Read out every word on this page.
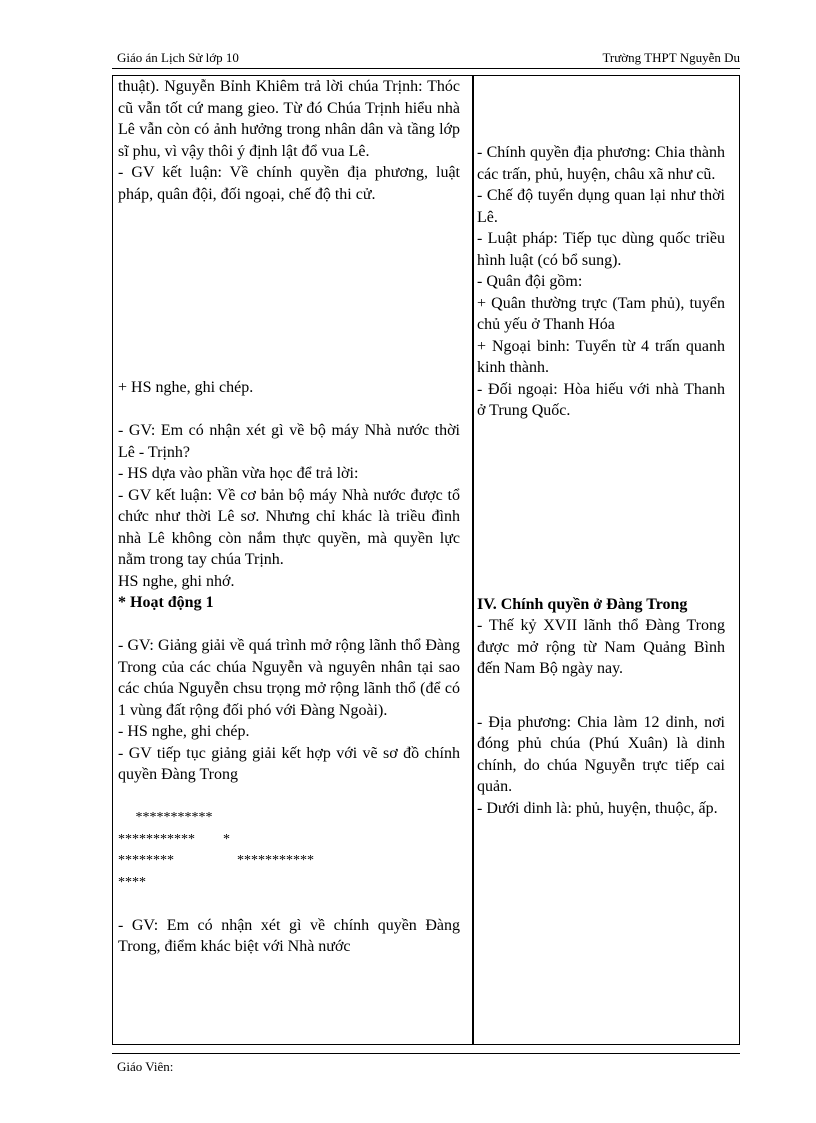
Giáo án Lịch Sử lớp 10	Trường THPT Nguyễn Du

thuật). Nguyễn Bỉnh Khiêm trả lời chúa Trịnh: Thóc cũ vẫn tốt cứ mang gieo. Từ đó Chúa Trịnh hiểu nhà Lê vẫn còn có ảnh hưởng trong nhân dân và tầng lớp sĩ phu, vì vậy thôi ý định lật đổ vua Lê.

- GV kết luận: Về chính quyền địa phương, luật pháp, quân đội, đối ngoại, chế độ thi cử.

+ HS nghe, ghi chép.

- GV: Em có nhận xét gì về bộ máy Nhà nước thời Lê - Trịnh?

- HS dựa vào phần vừa học để trả lời:

- GV kết luận: Về cơ bản bộ máy Nhà nước được tổ chức như thời Lê sơ. Nhưng chỉ khác là triều đình nhà Lê không còn nắm thực quyền, mà quyền lực nằm trong tay chúa Trịnh.

HS nghe, ghi nhớ.

* Hoạt động 1

- GV: Giảng giải về quá trình mở rộng lãnh thổ Đàng Trong của các chúa Nguyễn và nguyên nhân tại sao các chúa Nguyễn chsu trọng mở rộng lãnh thổ (để có 1 vùng đất rộng đối phó với Đàng Ngoài).

- HS nghe, ghi chép.

- GV tiếp tục giảng giải kết hợp với vẽ sơ đồ chính quyền Đàng Trong

***********
***********        *
********                  ***********
****

- GV: Em có nhận xét gì về chính quyền Đàng Trong, điểm khác biệt với Nhà nước

- Chính quyền địa phương: Chia thành các trấn, phủ, huyện, châu xã như cũ.

- Chế độ tuyển dụng quan lại như thời Lê.

- Luật pháp: Tiếp tục dùng quốc triều hình luật (có bổ sung).

- Quân đội gồm:

+ Quân thường trực (Tam phủ), tuyển chủ yếu ở Thanh Hóa

+ Ngoại binh: Tuyển từ 4 trấn quanh kinh thành.

- Đối ngoại: Hòa hiếu với nhà Thanh ở Trung Quốc.

IV. Chính quyền ở Đàng Trong

- Thế kỷ XVII lãnh thổ Đàng Trong được mở rộng từ Nam Quảng Bình đến Nam Bộ ngày nay.

- Địa phương: Chia làm 12 dinh, nơi đóng phủ chúa (Phú Xuân) là dinh chính, do chúa Nguyễn trực tiếp cai quản.

- Dưới dinh là: phủ, huyện, thuộc, ấp.

Giáo Viên:
